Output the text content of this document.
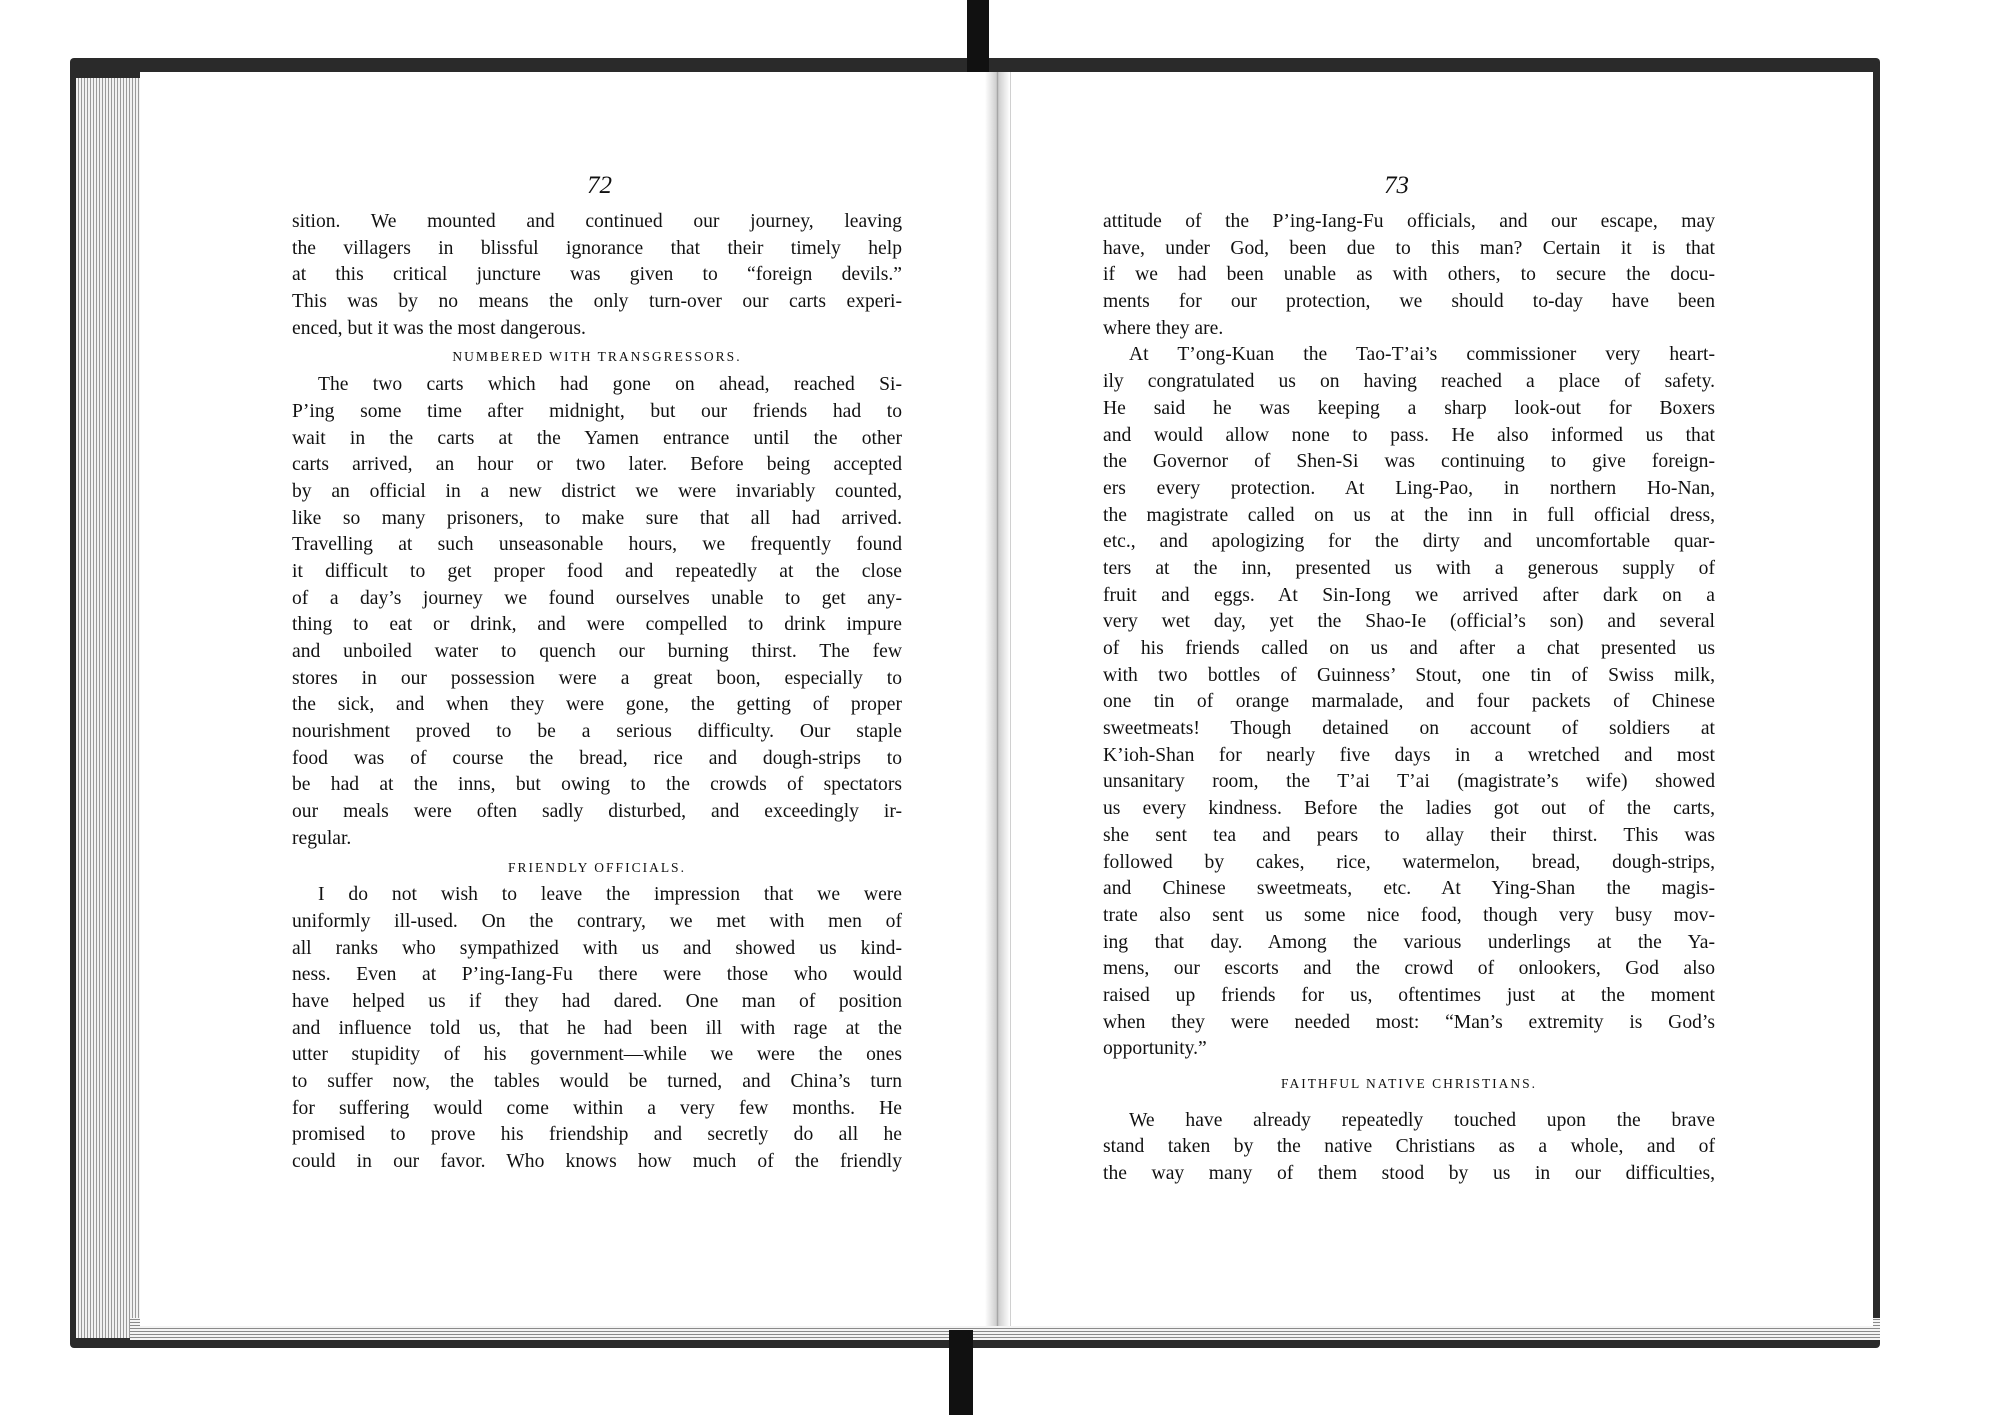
72
sition. We mounted and continued our journey, leaving
the villagers in blissful ignorance that their timely help
at this critical juncture was given to “foreign devils.”
This was by no means the only turn-over our carts experi-
enced, but it was the most dangerous.
NUMBERED WITH TRANSGRESSORS.
The two carts which had gone on ahead, reached Si-
P’ing some time after midnight, but our friends had to
wait in the carts at the Yamen entrance until the other
carts arrived, an hour or two later. Before being accepted
by an official in a new district we were invariably counted,
like so many prisoners, to make sure that all had arrived.
Travelling at such unseasonable hours, we frequently found
it difficult to get proper food and repeatedly at the close
of a day’s journey we found ourselves unable to get any-
thing to eat or drink, and were compelled to drink impure
and unboiled water to quench our burning thirst. The few
stores in our possession were a great boon, especially to
the sick, and when they were gone, the getting of proper
nourishment proved to be a serious difficulty. Our staple
food was of course the bread, rice and dough-strips to
be had at the inns, but owing to the crowds of spectators
our meals were often sadly disturbed, and exceedingly ir-
regular.
FRIENDLY OFFICIALS.
I do not wish to leave the impression that we were
uniformly ill-used. On the contrary, we met with men of
all ranks who sympathized with us and showed us kind-
ness. Even at P’ing-Iang-Fu there were those who would
have helped us if they had dared. One man of position
and influence told us, that he had been ill with rage at the
utter stupidity of his government—while we were the ones
to suffer now, the tables would be turned, and China’s turn
for suffering would come within a very few months. He
promised to prove his friendship and secretly do all he
could in our favor. Who knows how much of the friendly
73
attitude of the P’ing-Iang-Fu officials, and our escape, may
have, under God, been due to this man? Certain it is that
if we had been unable as with others, to secure the docu-
ments for our protection, we should to-day have been
where they are.
At T’ong-Kuan the Tao-T’ai’s commissioner very heart-
ily congratulated us on having reached a place of safety.
He said he was keeping a sharp look-out for Boxers
and would allow none to pass. He also informed us that
the Governor of Shen-Si was continuing to give foreign-
ers every protection. At Ling-Pao, in northern Ho-Nan,
the magistrate called on us at the inn in full official dress,
etc., and apologizing for the dirty and uncomfortable quar-
ters at the inn, presented us with a generous supply of
fruit and eggs. At Sin-Iong we arrived after dark on a
very wet day, yet the Shao-Ie (official’s son) and several
of his friends called on us and after a chat presented us
with two bottles of Guinness’ Stout, one tin of Swiss milk,
one tin of orange marmalade, and four packets of Chinese
sweetmeats! Though detained on account of soldiers at
K’ioh-Shan for nearly five days in a wretched and most
unsanitary room, the T’ai T’ai (magistrate’s wife) showed
us every kindness. Before the ladies got out of the carts,
she sent tea and pears to allay their thirst. This was
followed by cakes, rice, watermelon, bread, dough-strips,
and Chinese sweetmeats, etc. At Ying-Shan the magis-
trate also sent us some nice food, though very busy mov-
ing that day. Among the various underlings at the Ya-
mens, our escorts and the crowd of onlookers, God also
raised up friends for us, oftentimes just at the moment
when they were needed most: “Man’s extremity is God’s
opportunity.”
FAITHFUL NATIVE CHRISTIANS.
We have already repeatedly touched upon the brave
stand taken by the native Christians as a whole, and of
the way many of them stood by us in our difficulties,
